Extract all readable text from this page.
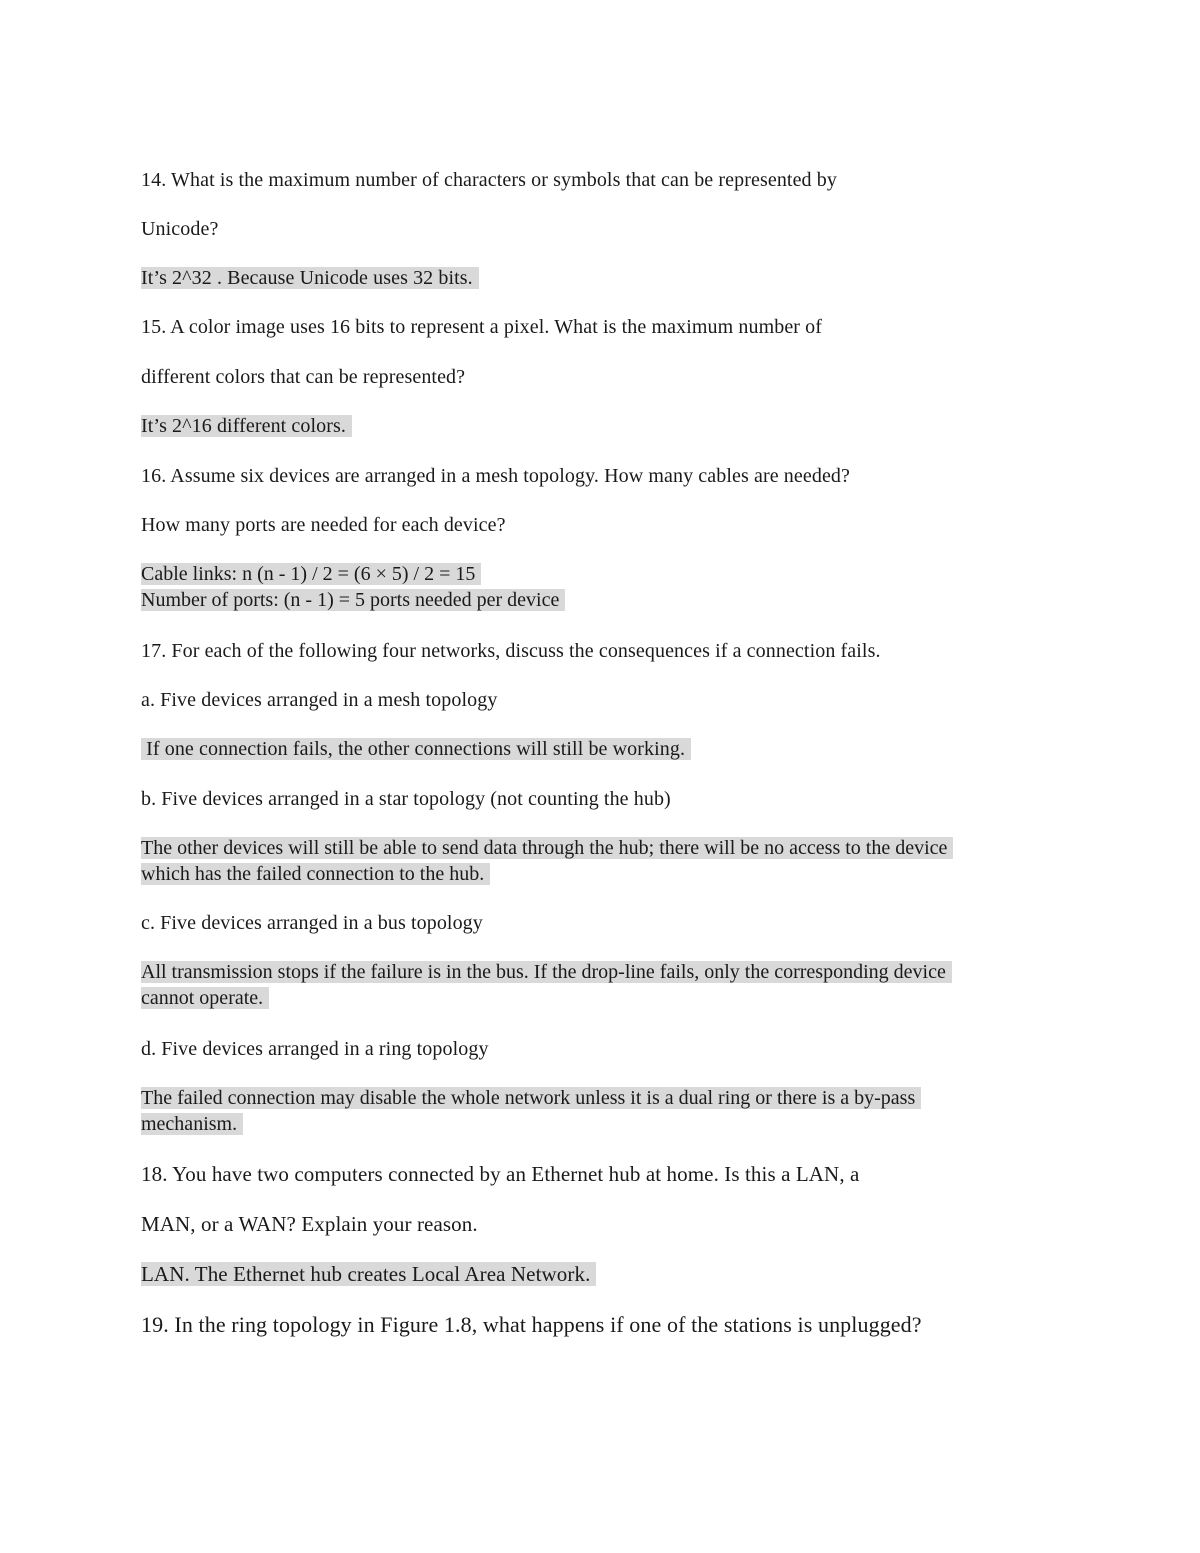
14. What is the maximum number of characters or symbols that can be represented by
Unicode?
It’s 2^32 . Because Unicode uses 32 bits.
15. A color image uses 16 bits to represent a pixel. What is the maximum number of
different colors that can be represented?
It’s 2^16 different colors.
16. Assume six devices are arranged in a mesh topology. How many cables are needed?
How many ports are needed for each device?
Cable links: n (n - 1) / 2 = (6 × 5) / 2 = 15
Number of ports: (n - 1) = 5 ports needed per device
17. For each of the following four networks, discuss the consequences if a connection fails.
a. Five devices arranged in a mesh topology
If one connection fails, the other connections will still be working.
b. Five devices arranged in a star topology (not counting the hub)
The other devices will still be able to send data through the hub; there will be no access to the device
which has the failed connection to the hub.
c. Five devices arranged in a bus topology
All transmission stops if the failure is in the bus. If the drop-line fails, only the corresponding device
cannot operate.
d. Five devices arranged in a ring topology
The failed connection may disable the whole network unless it is a dual ring or there is a by-pass
mechanism.
18. You have two computers connected by an Ethernet hub at home. Is this a LAN, a
MAN, or a WAN? Explain your reason.
LAN. The Ethernet hub creates Local Area Network.
19. In the ring topology in Figure 1.8, what happens if one of the stations is unplugged?
